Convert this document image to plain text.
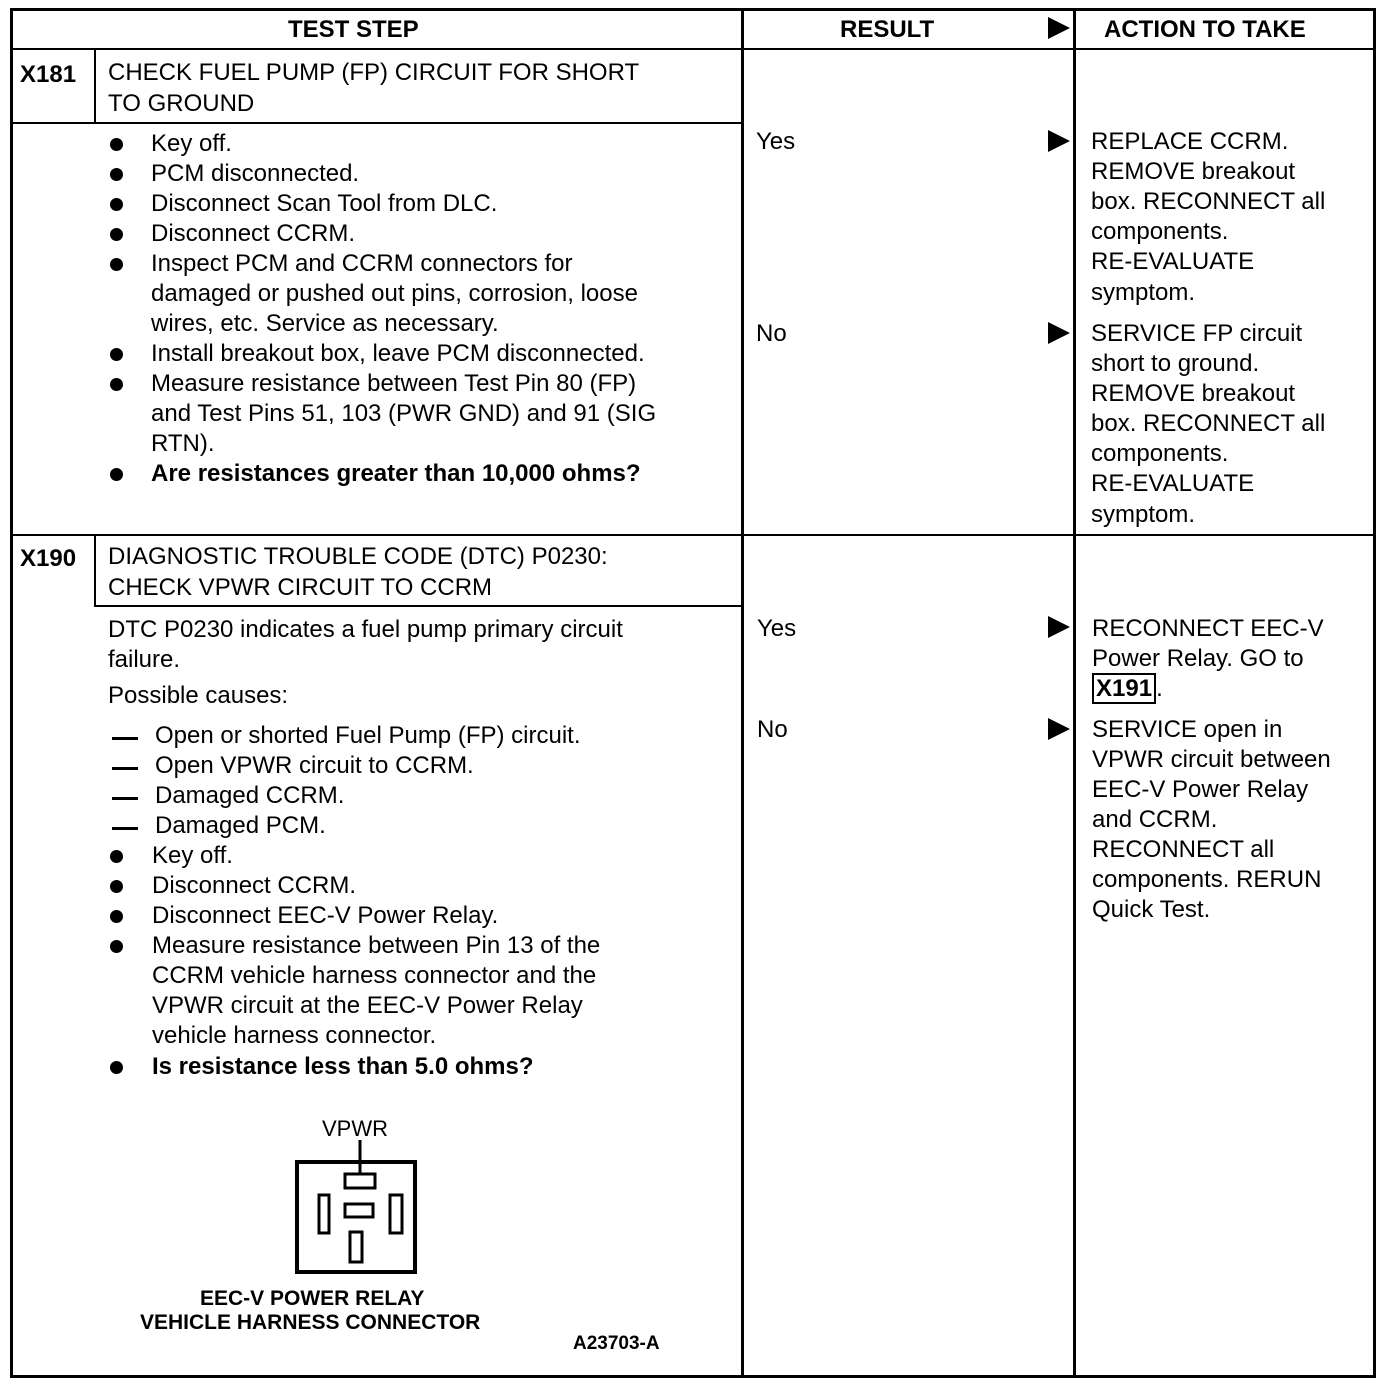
TEST STEP	RESULT	ACTION TO TAKE
X181 CHECK FUEL PUMP (FP) CIRCUIT FOR SHORT
TO GROUND
Key off.
PCM disconnected.
Disconnect Scan Tool from DLC.
Disconnect CCRM.
Inspect PCM and CCRM connectors for
damaged or pushed out pins, corrosion, loose
wires, etc. Service as necessary.
Install breakout box, leave PCM disconnected.
Measure resistance between Test Pin 80 (FP)
and Test Pins 51, 103 (PWR GND) and 91 (SIG
RTN).
Are resistances greater than 10,000 ohms?
Yes
No
REPLACE CCRM.
REMOVE breakout
box. RECONNECT all
components.
RE-EVALUATE
symptom.
SERVICE FP circuit
short to ground.
REMOVE breakout
box. RECONNECT all
components.
RE-EVALUATE
symptom.
X190 DIAGNOSTIC TROUBLE CODE (DTC) P0230:
CHECK VPWR CIRCUIT TO CCRM
DTC P0230 indicates a fuel pump primary circuit
failure.
Possible causes:
Open or shorted Fuel Pump (FP) circuit.
Open VPWR circuit to CCRM.
Damaged CCRM.
Damaged PCM.
Key off.
Disconnect CCRM.
Disconnect EEC-V Power Relay.
Measure resistance between Pin 13 of the
CCRM vehicle harness connector and the
VPWR circuit at the EEC-V Power Relay
vehicle harness connector.
Is resistance less than 5.0 ohms?
VPWR
EEC-V POWER RELAY
VEHICLE HARNESS CONNECTOR
A23703-A
Yes
No
RECONNECT EEC-V
Power Relay. GO to
X191 .
SERVICE open in
VPWR circuit between
EEC-V Power Relay
and CCRM.
RECONNECT all
components. RERUN
Quick Test.
